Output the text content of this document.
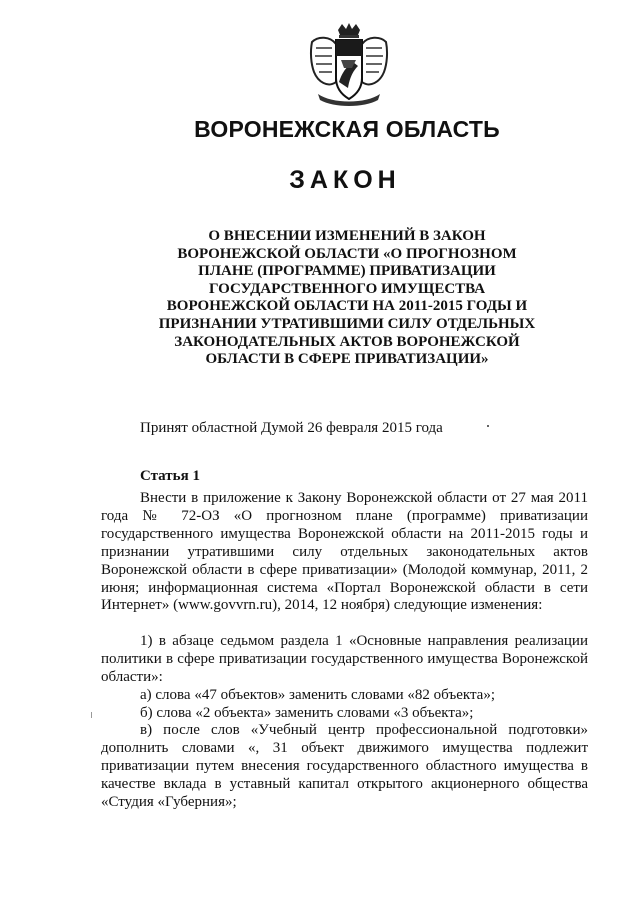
ВОРОНЕЖСКАЯ ОБЛАСТЬ
ЗАКОН
О ВНЕСЕНИИ ИЗМЕНЕНИЙ В ЗАКОН ВОРОНЕЖСКОЙ ОБЛАСТИ «О ПРОГНОЗНОМ ПЛАНЕ (ПРОГРАММЕ) ПРИВАТИЗАЦИИ ГОСУДАРСТВЕННОГО ИМУЩЕСТВА ВОРОНЕЖСКОЙ ОБЛАСТИ НА 2011-2015 ГОДЫ И ПРИЗНАНИИ УТРАТИВШИМИ СИЛУ ОТДЕЛЬНЫХ ЗАКОНОДАТЕЛЬНЫХ АКТОВ ВОРОНЕЖСКОЙ ОБЛАСТИ В СФЕРЕ ПРИВАТИЗАЦИИ»

Принят областной Думой 26 февраля 2015 года

Статья 1

Внести в приложение к Закону Воронежской области от 27 мая 2011 года № 72-ОЗ «О прогнозном плане (программе) приватизации государственного имущества Воронежской области на 2011-2015 годы и признании утратившими силу отдельных законодательных актов Воронежской области в сфере приватизации» (Молодой коммунар, 2011, 2 июня; информационная система «Портал Воронежской области в сети Интернет» (www.govvrn.ru), 2014, 12 ноября) следующие изменения:

1) в абзаце седьмом раздела 1 «Основные направления реализации политики в сфере приватизации государственного имущества Воронежской области»:

а) слова «47 объектов» заменить словами «82 объекта»;

б) слова «2 объекта» заменить словами «3 объекта»;

в) после слов «Учебный центр профессиональной подготовки» дополнить словами «, 31 объект движимого имущества подлежит приватизации путем внесения государственного областного имущества в качестве вклада в уставный капитал открытого акционерного общества «Студия «Губерния»;
